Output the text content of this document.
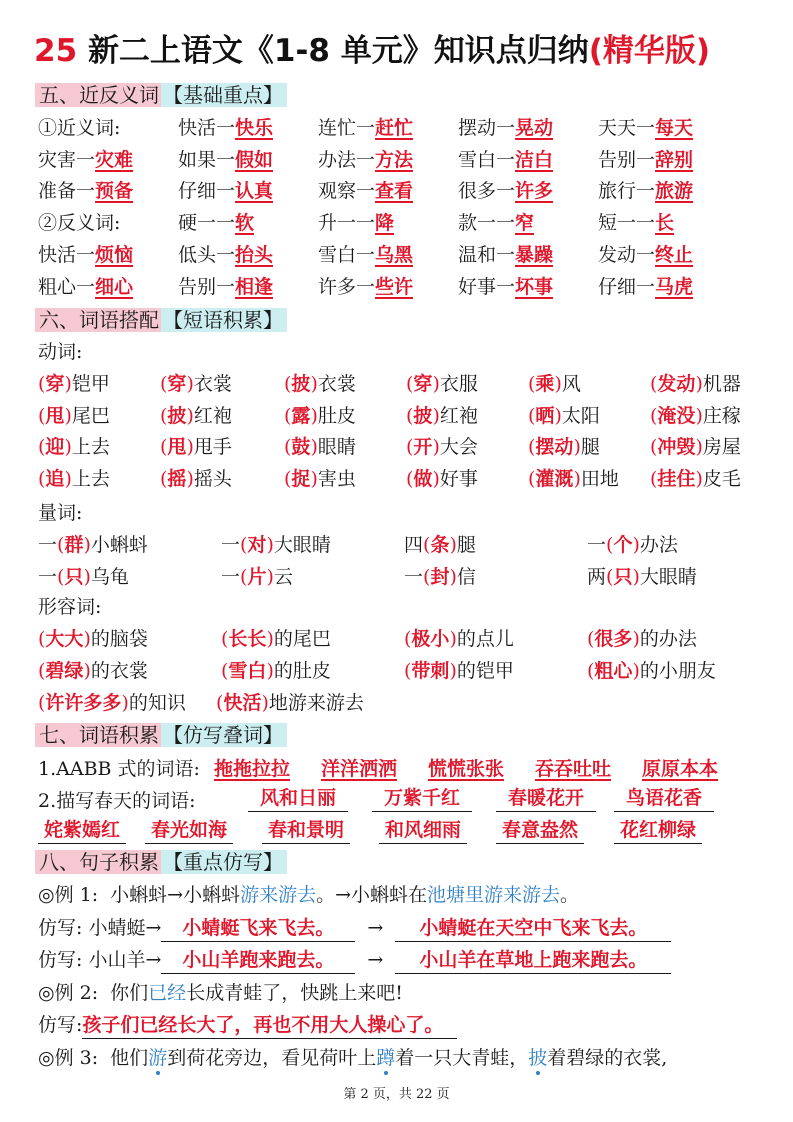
25 新二上语文《1-8 单元》知识点归纳(精华版)
五、近反义词 【基础重点】
①近义词:	快活一快乐 连忙一赶忙 摆动一晃动 天天一每天
灾害一灾难 如果一假如 办法一方法 雪白一洁白 告别一辞别
准备一预备 仔细一认真 观察一查看 很多一许多 旅行一旅游
②反义词:	硬一一软	升一一降	款一一窄	短一一长
快活一烦恼 低头一抬头 雪白一乌黑 温和一暴躁 发动一终止
粗心一细心 告别一相逢 许多一些许 好事一坏事 仔细一马虎
六、词语搭配 【短语积累】
动词:
(穿)铠甲	(穿)衣裳	(披)衣裳	(穿)衣服	(乘)风	(发动)机器
(甩)尾巴	(披)红袍	(露)肚皮	(披)红袍	(晒)太阳	(淹没)庄稼
(迎)上去	(甩)甩手	(鼓)眼睛	(开)大会	(摆动)腿	(冲毁)房屋
(追)上去	(摇)摇头	(捉)害虫	(做)好事	(灌溉)田地 (挂住)皮毛
量词:
一(群)小蝌蚪	一(对)大眼睛	四(条)腿	一(个)办法
一(只)乌龟	一(片)云	一(封)信	两(只)大眼睛
形容词:
(大大)的脑袋	(长长)的尾巴	(极小)的点儿	(很多)的办法
(碧绿)的衣裳	(雪白)的肚皮	(带刺)的铠甲	(粗心)的小朋友
(许许多多)的知识 (快活)地游来游去
七、词语积累 【仿写叠词】
1.AABB 式的词语: 拖拖拉拉 洋洋洒洒 慌慌张张 吞吞吐吐 原原本本
2.描写春天的词语:	风和日丽	万紫千红	春暖花开	鸟语花香
姹紫嫣红	春光如海	春和景明	和风细雨	春意盎然	花红柳绿
八、句子积累 【重点仿写】
◎例 1: 小蝌蚪→小蝌蚪游来游去。→小蝌蚪在池塘里游来游去。
仿写: 小蜻蜓→ 小蜻蜓飞来飞去。 → 小蜻蜓在天空中飞来飞去。
仿写: 小山羊→ 小山羊跑来跑去。 → 小山羊在草地上跑来跑去。
◎例 2: 你们已经长成青蛙了，快跳上来吧!
仿写:孩子们已经长大了，再也不用大人操心了。
◎例 3: 他们游到荷花旁边，看见荷叶上蹲着一只大青蛙，披着碧绿的衣裳,
第 2 页，共 22 页
